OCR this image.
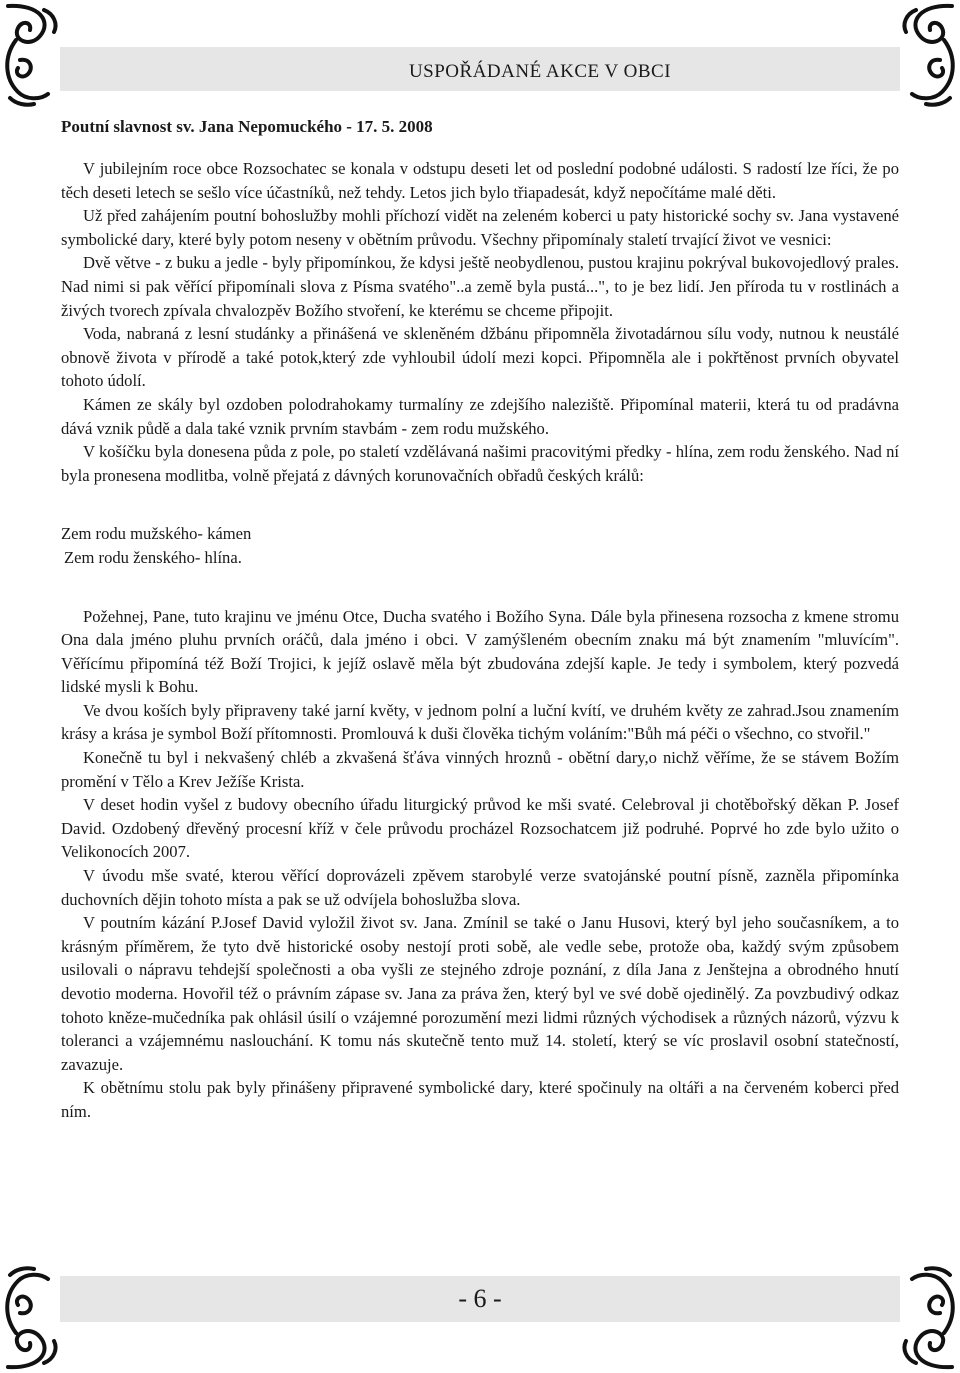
USPOŘÁDANÉ AKCE V OBCI
Poutní slavnost sv. Jana Nepomuckého - 17. 5. 2008

V jubilejním roce obce Rozsochatec se konala v odstupu deseti let od poslední podobné události. S radostí lze říci, že po těch deseti letech se sešlo více účastníků, než tehdy. Letos jich bylo třiapadesát, když nepočítáme malé děti.

Už před zahájením poutní bohoslužby mohli příchozí vidět na zeleném koberci u paty historické sochy sv. Jana vystavené symbolické dary, které byly potom neseny v obětním průvodu. Všechny připomínaly staletí trvající život ve vesnici:

Dvě větve - z buku a jedle - byly připomínkou, že kdysi ještě neobydlenou, pustou krajinu pokrýval bukovojedlový prales. Nad nimi si pak věřící připomínali slova z Písma svatého"..a země byla pustá...", to je bez lidí. Jen příroda tu v rostlinách a živých tvorech zpívala chvalozpěv Božího stvoření, ke kterému se chceme připojit.

Voda, nabraná z lesní studánky a přinášená ve skleněném džbánu připomněla životadárnou sílu vody, nutnou k neustálé obnově života v přírodě a také potok,který zde vyhloubil údolí mezi kopci. Připomněla ale i pokřtěnost prvních obyvatel tohoto údolí.

Kámen ze skály byl ozdoben polodrahokamy turmalíny ze zdejšího naleziště. Připomínal materii, která tu od pradávna dává vznik půdě a dala také vznik prvním stavbám - zem rodu mužského.

V košíčku byla donesena půda z pole, po staletí vzdělávaná našimi pracovitými předky - hlína, zem rodu ženského. Nad ní byla pronesena modlitba, volně přejatá z dávných korunovačních obřadů českých králů:

Zem rodu mužského- kámen

Zem rodu ženského- hlína.

Požehnej, Pane, tuto krajinu ve jménu Otce, Ducha svatého i Božího Syna. Dále byla přinesena rozsocha z kmene stromu Ona dala jméno pluhu prvních oráčů, dala jméno i obci. V zamýšleném obecním znaku má být znamením "mluvícím". Věřícímu připomíná též Boží Trojici, k jejíž oslavě měla být zbudována zdejší kaple. Je tedy i symbolem, který pozvedá lidské mysli k Bohu.

Ve dvou koších byly připraveny také jarní květy, v jednom polní a luční kvítí, ve druhém květy ze zahrad.Jsou znamením krásy a krása je symbol Boží přítomnosti. Promlouvá k duši člověka tichým voláním:"Bůh má péči o všechno, co stvořil."

Konečně tu byl i nekvašený chléb a zkvašená šťáva vinných hroznů - obětní dary,o nichž věříme, že se stávem Božím promění v Tělo a Krev Ježíše Krista.

V deset hodin vyšel z budovy obecního úřadu liturgický průvod ke mši svaté. Celebroval ji chotěbořský děkan P. Josef David. Ozdobený dřevěný procesní kříž v čele průvodu procházel Rozsochatcem již podruhé. Poprvé ho zde bylo užito o Velikonocích 2007.

V úvodu mše svaté, kterou věřící doprovázeli zpěvem starobylé verze svatojánské poutní písně, zazněla připomínka duchovních dějin tohoto místa a pak se už odvíjela bohoslužba slova.

V poutním kázání P.Josef David vyložil život sv. Jana. Zmínil se také o Janu Husovi, který byl jeho současníkem, a to krásným příměrem, že tyto dvě historické osoby nestojí proti sobě, ale vedle sebe, protože oba, každý svým způsobem usilovali o nápravu tehdejší společnosti a oba vyšli ze stejného zdroje poznání, z díla Jana z Jenštejna a obrodného hnutí devotio moderna. Hovořil též o právním zápase sv. Jana za práva žen, který byl ve své době ojedinělý. Za povzbudivý odkaz tohoto kněze-mučedníka pak ohlásil úsilí o vzájemné porozumění mezi lidmi různých východisek a různých názorů, výzvu k toleranci a vzájemnému naslouchání. K tomu nás skutečně tento muž 14. století, který se víc proslavil osobní statečností, zavazuje.

K obětnímu stolu pak byly přinášeny připravené symbolické dary, které spočinuly na oltáři a na červeném koberci před ním.

- 6 -
